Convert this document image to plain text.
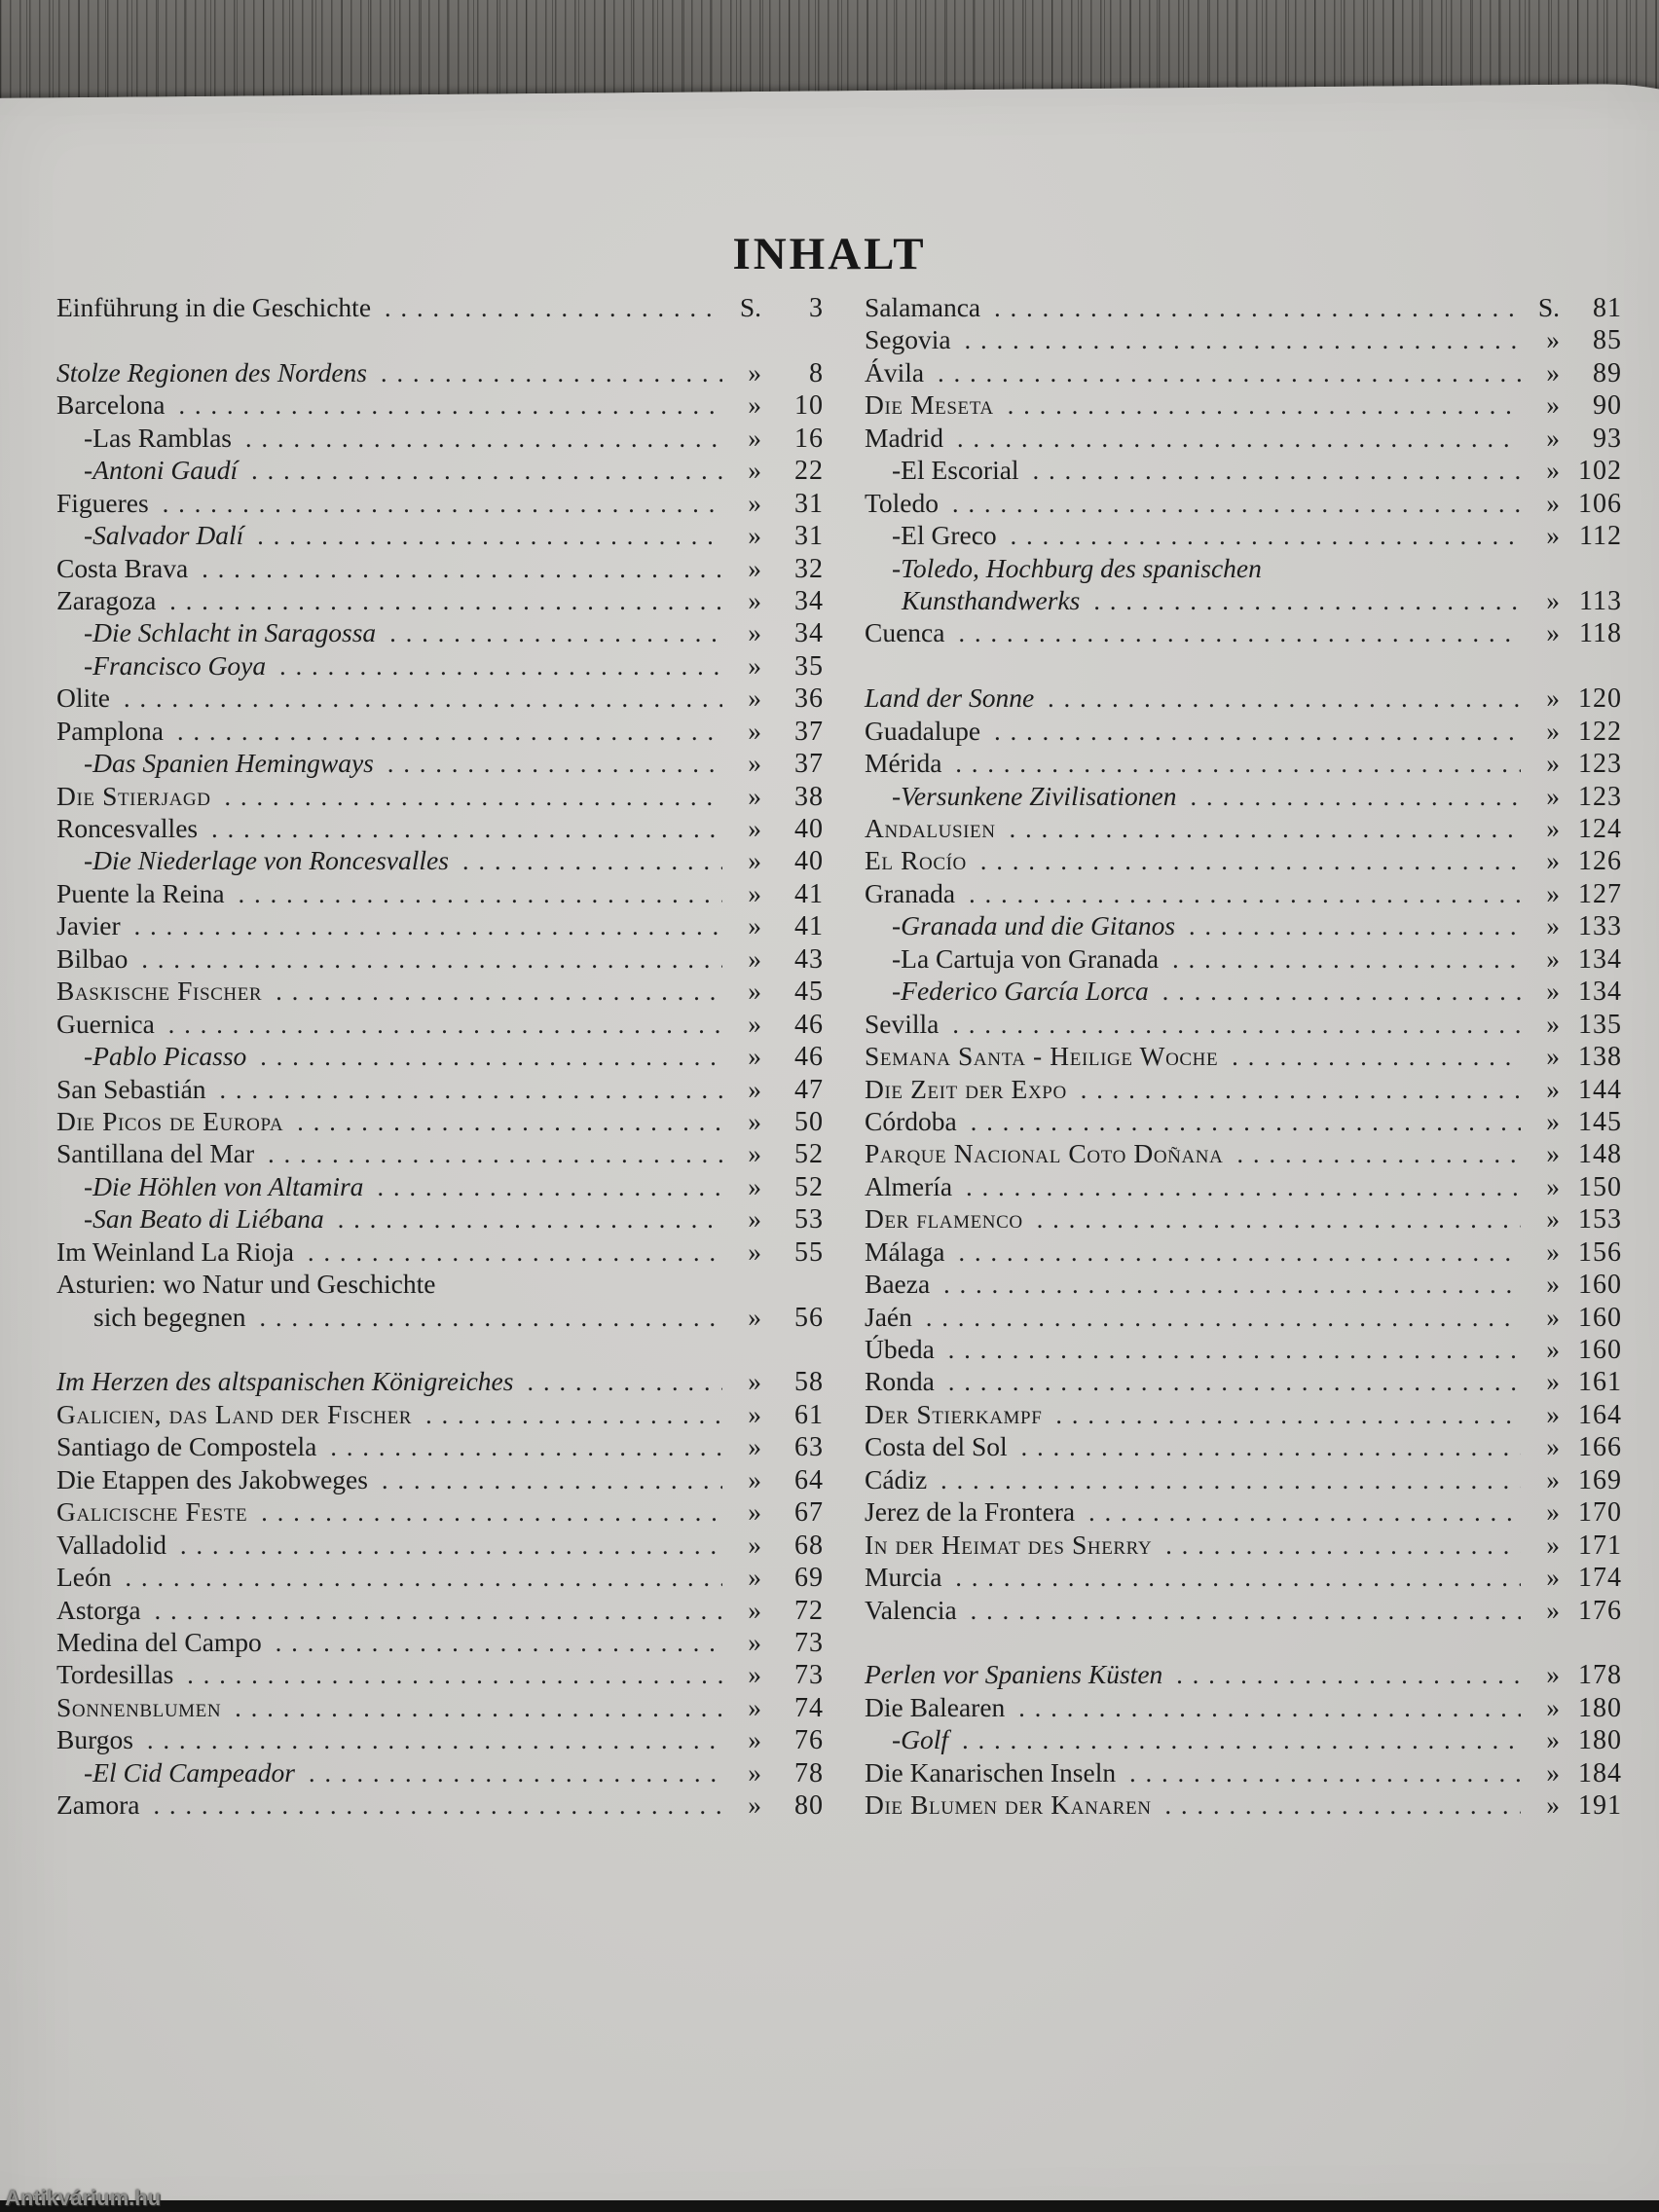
INHALT
Einführung in die Geschichte .....	S.	3
Stolze Regionen des Nordens .....	»	8
Barcelona .....	»	10
-Las Ramblas .....	»	16
-Antoni Gaudí .....	»	22
Figueres .....	»	31
-Salvador Dalí .....	»	31
Costa Brava .....	»	32
Zaragoza .....	»	34
-Die Schlacht in Saragossa .....	»	34
-Francisco Goya .....	»	35
Olite .....	»	36
Pamplona .....	»	37
-Das Spanien Hemingways .....	»	37
Die Stierjagd .....	»	38
Roncesvalles .....	»	40
-Die Niederlage von Roncesvalles .....	»	40
Puente la Reina .....	»	41
Javier .....	»	41
Bilbao .....	»	43
Baskische Fischer .....	»	45
Guernica .....	»	46
-Pablo Picasso .....	»	46
San Sebastián .....	»	47
Die Picos de Europa .....	»	50
Santillana del Mar .....	»	52
-Die Höhlen von Altamira .....	»	52
-San Beato di Liébana .....	»	53
Im Weinland La Rioja .....	»	55
Asturien: wo Natur und Geschichte
sich begegnen .....	»	56
Im Herzen des altspanischen Königreiches .....	»	58
Galicien, das Land der Fischer .....	»	61
Santiago de Compostela .....	»	63
Die Etappen des Jakobweges .....	»	64
Galicische Feste .....	»	67
Valladolid .....	»	68
León .....	»	69
Astorga .....	»	72
Medina del Campo .....	»	73
Tordesillas .....	»	73
Sonnenblumen .....	»	74
Burgos .....	»	76
-El Cid Campeador .....	»	78
Zamora .....	»	80
Salamanca .....	S.	81
Segovia .....	»	85
Ávila .....	»	89
Die Meseta .....	»	90
Madrid .....	»	93
-El Escorial .....	» 102
Toledo .....	» 106
-El Greco .....	» 112
-Toledo, Hochburg des spanischen
Kunsthandwerks .....	» 113
Cuenca .....	» 118
Land der Sonne .....	» 120
Guadalupe .....	» 122
Mérida .....	» 123
-Versunkene Zivilisationen .....	» 123
Andalusien .....	» 124
El Rocío .....	» 126
Granada .....	» 127
-Granada und die Gitanos .....	» 133
-La Cartuja von Granada .....	» 134
-Federico García Lorca .....	» 134
Sevilla .....	» 135
Semana Santa - Heilige Woche .....	» 138
Die Zeit der Expo .....	» 144
Córdoba .....	» 145
Parque Nacional Coto Doñana .....	» 148
Almería .....	» 150
Der flamenco .....	» 153
Málaga .....	» 156
Baeza .....	» 160
Jaén .....	» 160
Úbeda .....	» 160
Ronda .....	» 161
Der Stierkampf .....	» 164
Costa del Sol .....	» 166
Cádiz .....	» 169
Jerez de la Frontera .....	» 170
In der Heimat des Sherry .....	» 171
Murcia .....	» 174
Valencia .....	» 176
Perlen vor Spaniens Küsten .....	» 178
Die Balearen .....	» 180
-Golf .....	» 180
Die Kanarischen Inseln .....	» 184
Die Blumen der Kanaren .....	» 191
Antikvárium.hu
